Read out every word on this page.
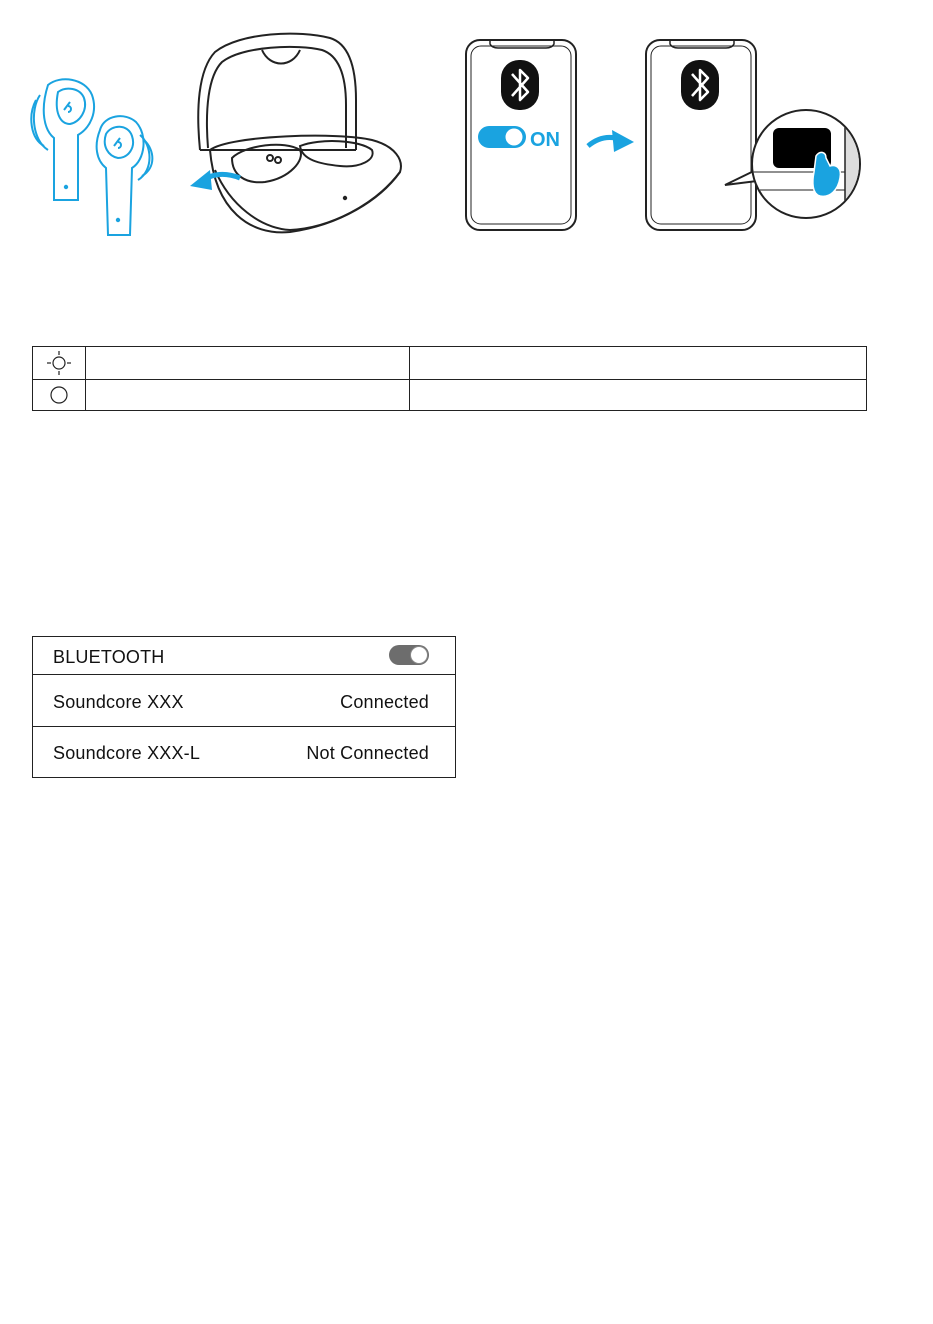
ON
BLUETOOTH
Soundcore XXX	Connected
Soundcore XXX-L	Not Connected
